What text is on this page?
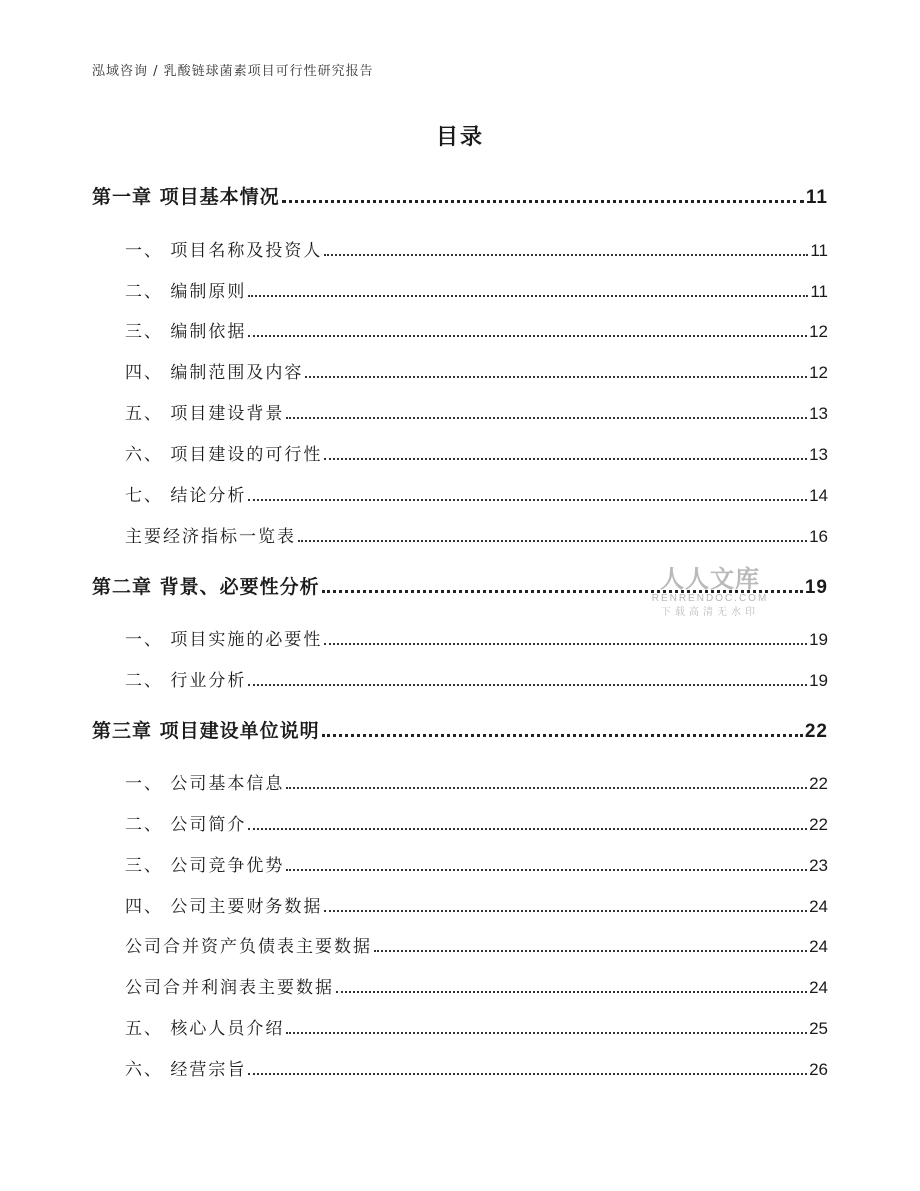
泓域咨询 / 乳酸链球菌素项目可行性研究报告
目录
第一章 项目基本情况	11
一、 项目名称及投资人	11
二、 编制原则	11
三、 编制依据	12
四、 编制范围及内容	12
五、 项目建设背景	13
六、 项目建设的可行性	13
七、 结论分析	14
主要经济指标一览表	16
第二章 背景、必要性分析	19
一、 项目实施的必要性	19
二、 行业分析	19
第三章 项目建设单位说明	22
一、 公司基本信息	22
二、 公司简介	22
三、 公司竞争优势	23
四、 公司主要财务数据	24
公司合并资产负债表主要数据	24
公司合并利润表主要数据	24
五、 核心人员介绍	25
六、 经营宗旨	26
人人文库
RENRENDOC.COM
下载高清无水印
